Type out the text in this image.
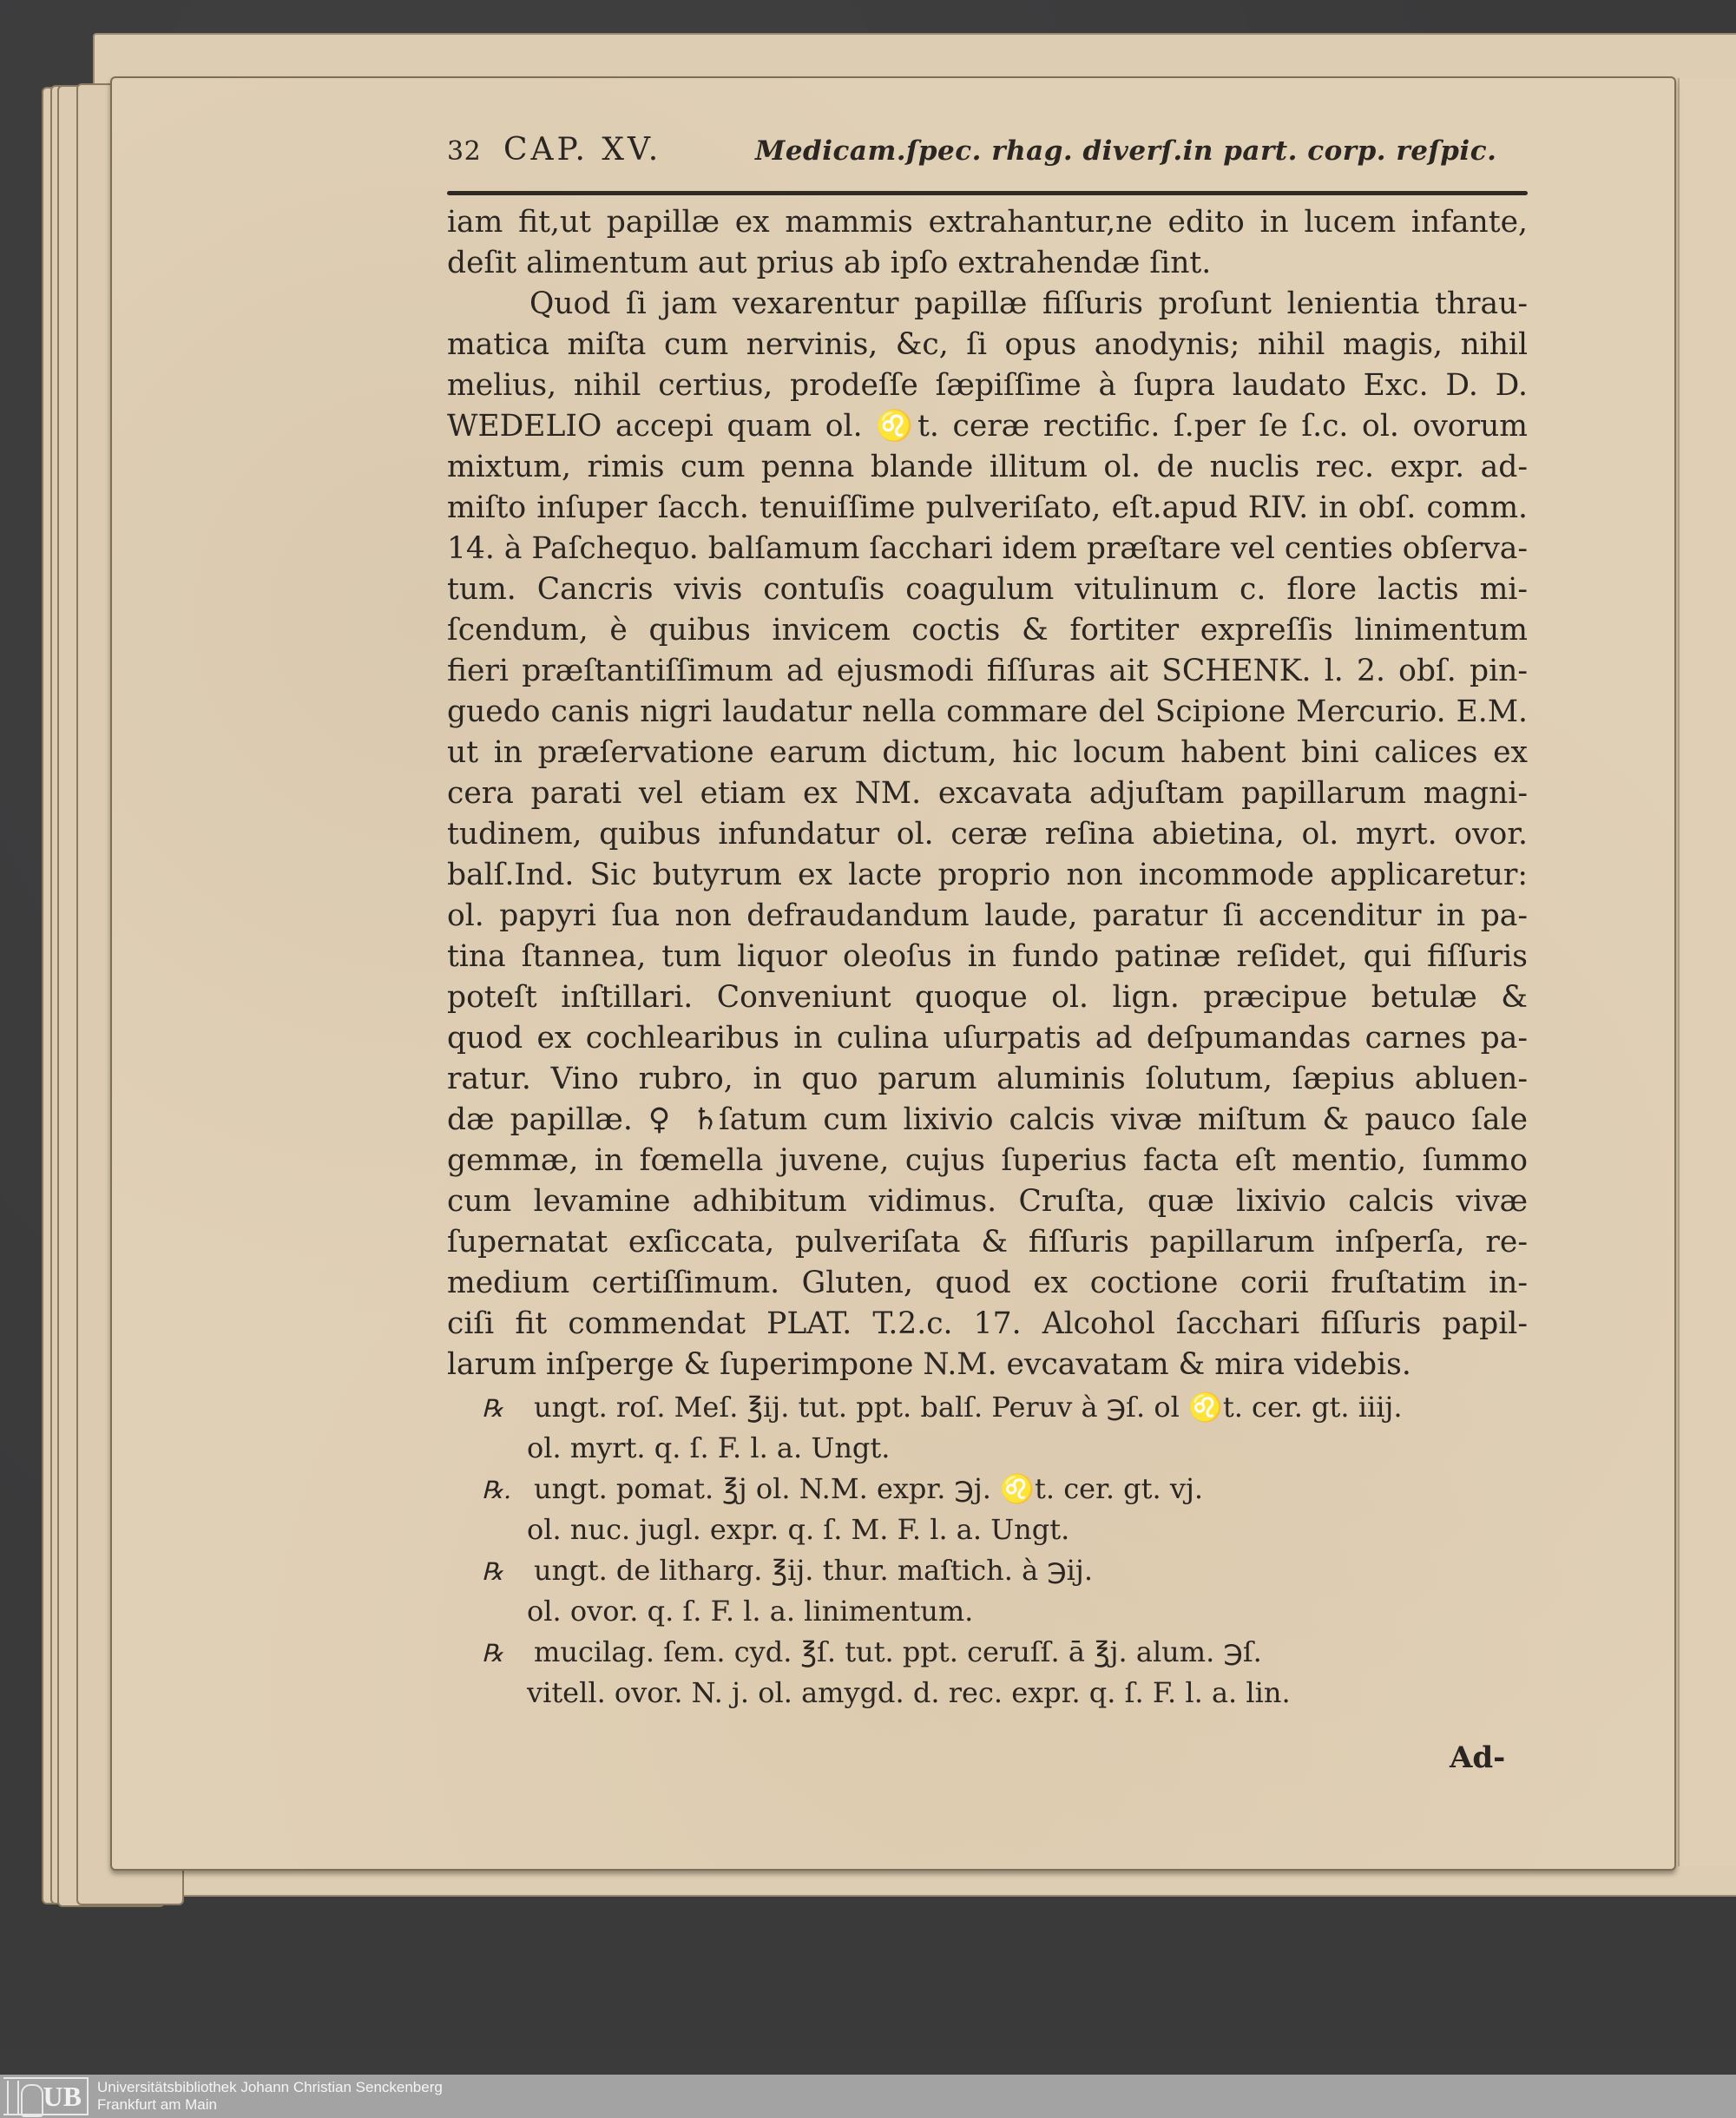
32 CAP. XV.	Medicam.ſpec. rhag. diverſ.in part. corp. reſpic.
iam fit,ut papillæ ex mammis extrahantur,ne edito in lucem infante,
deſit alimentum aut prius ab ipſo extrahendæ ſint.
Quod ſi jam vexarentur papillæ fiſſuris proſunt lenientia thrau-
matica miſta cum nervinis, &c, ſi opus anodynis; nihil magis, nihil
melius, nihil certius, prodeſſe ſæpiſſime à ſupra laudato Exc. D. D.
WEDELIO accepi quam ol. ♌t. ceræ rectific. ſ.per ſe ſ.c. ol. ovorum
mixtum, rimis cum penna blande illitum ol. de nuclis rec. expr. ad-
miſto inſuper ſacch. tenuiſſime pulveriſato, eſt.apud RIV. in obſ. comm.
14. à Paſchequo. balſamum ſacchari idem præſtare vel centies obſerva-
tum. Cancris vivis contuſis coagulum vitulinum c. flore lactis mi-
ſcendum, è quibus invicem coctis & fortiter expreſſis linimentum
fieri præſtantiſſimum ad ejusmodi fiſſuras ait SCHENK. l. 2. obſ. pin-
guedo canis nigri laudatur nella commare del Scipione Mercurio. E.M.
ut in præſervatione earum dictum, hic locum habent bini calices ex
cera parati vel etiam ex NM. excavata adjuſtam papillarum magni-
tudinem, quibus infundatur ol. ceræ reſina abietina, ol. myrt. ovor.
balſ.Ind. Sic butyrum ex lacte proprio non incommode applicaretur:
ol. papyri ſua non defraudandum laude, paratur ſi accenditur in pa-
tina ſtannea, tum liquor oleoſus in fundo patinæ reſidet, qui fiſſuris
poteſt inſtillari. Conveniunt quoque ol. lign. præcipue betulæ &
quod ex cochlearibus in culina uſurpatis ad deſpumandas carnes pa-
ratur. Vino rubro, in quo parum aluminis ſolutum, ſæpius abluen-
dæ papillæ. ♀ ♄ſatum cum lixivio calcis vivæ miſtum & pauco ſale
gemmæ, in fœmella juvene, cujus ſuperius facta eſt mentio, ſummo
cum levamine adhibitum vidimus. Cruſta, quæ lixivio calcis vivæ
ſupernatat exſiccata, pulveriſata & fiſſuris papillarum inſperſa, re-
medium certiſſimum. Gluten, quod ex coctione corii fruſtatim in-
ciſi fit commendat PLAT. T.2.c. 17. Alcohol ſacchari fiſſuris papil-
larum inſperge & ſuperimpone N.M. evcavatam & mira videbis.
℞ ungt. roſ. Meſ. ℥ij. tut. ppt. balſ. Peruv à ℈ſ. ol ♌t. cer. gt. iiij.
ol. myrt. q. ſ. F. l. a. Ungt.
℞. ungt. pomat. ℥j ol. N.M. expr. ℈j. ♌t. cer. gt. vj.
ol. nuc. jugl. expr. q. ſ. M. F. l. a. Ungt.
℞ ungt. de litharg. ℥ij. thur. maſtich. à ℈ij.
ol. ovor. q. ſ. F. l. a. linimentum.
℞ mucilag. ſem. cyd. ℥ſ. tut. ppt. ceruſſ. ā ℥j. alum. ℈ſ.
vitell. ovor. N. j. ol. amygd. d. rec. expr. q. ſ. F. l. a. lin.
Ad-
UB Universitätsbibliothek Johann Christian Senckenberg
Frankfurt am Main
